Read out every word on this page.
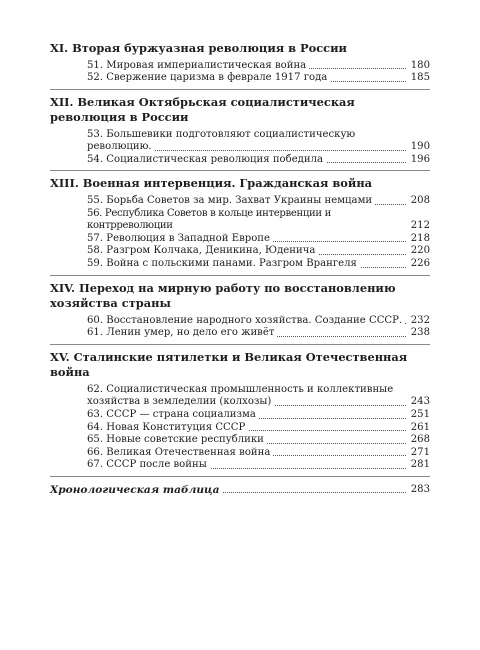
XI. Вторая буржуазная революция в России
51. Мировая империалистическая война	180
52. Свержение царизма в феврале 1917 года	185
XII. Великая Октябрьская социалистическая революция в России
53. Большевики подготовляют социалистическую революцию.	190
54. Социалистическая революция победила	196
XIII. Военная интервенция. Гражданская война
55. Борьба Советов за мир. Захват Украины немцами	208
56. Республика Советов в кольце интервенции и контрреволюции	212
57. Революция в Западной Европе	218
58. Разгром Колчака, Деникина, Юденича	220
59. Война с польскими панами. Разгром Врангеля	226
XIV. Переход на мирную работу по восстановлению хозяйства страны
60. Восстановление народного хозяйства. Создание СССР. 232
61. Ленин умер, но дело его живёт	238
XV. Сталинские пятилетки и Великая Отечественная война
62. Социалистическая промышленность и коллективные хозяйства в земледелии (колхозы)	243
63. СССР — страна социализма	251
64. Новая Конституция СССР	261
65. Новые советские республики	268
66. Великая Отечественная война	271
67. СССР после войны	281
Хронологическая таблица	283
